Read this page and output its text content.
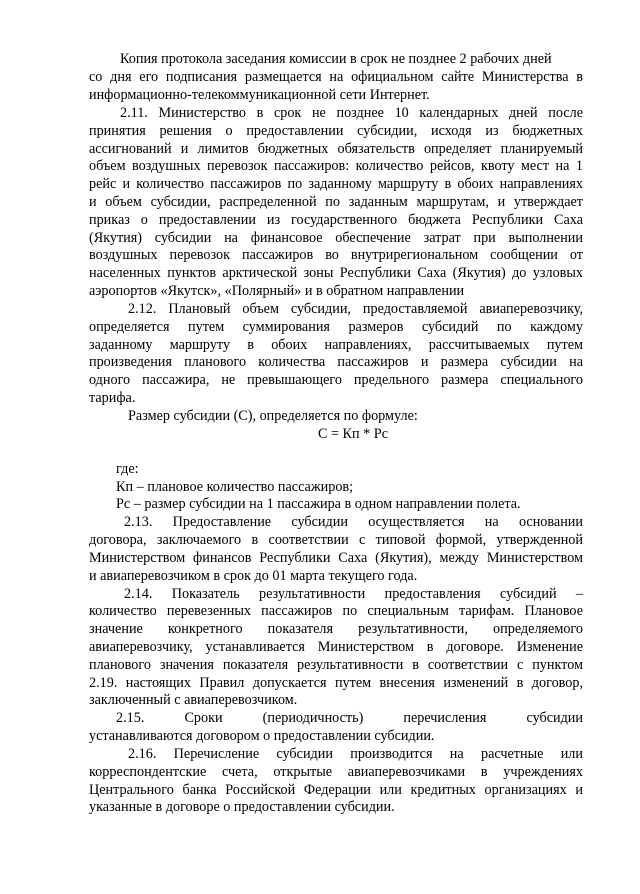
Копия протокола заседания комиссии в срок не позднее 2 рабочих дней
со дня его подписания размещается на официальном сайте Министерства в
информационно-телекоммуникационной сети Интернет.
2.11. Министерство в срок не позднее 10 календарных дней после
принятия решения о предоставлении субсидии, исходя из бюджетных
ассигнований и лимитов бюджетных обязательств определяет планируемый
объем воздушных перевозок пассажиров: количество рейсов, квоту мест на 1
рейс и количество пассажиров по заданному маршруту в обоих направлениях
и объем субсидии, распределенной по заданным маршрутам, и утверждает
приказ о предоставлении из государственного бюджета Республики Саха
(Якутия) субсидии на финансовое обеспечение затрат при выполнении
воздушных перевозок пассажиров во внутрирегиональном сообщении от
населенных пунктов арктической зоны Республики Саха (Якутия) до узловых
аэропортов «Якутск», «Полярный» и в обратном направлении
2.12. Плановый объем субсидии, предоставляемой авиаперевозчику,
определяется путем суммирования размеров субсидий по каждому
заданному маршруту в обоих направлениях, рассчитываемых путем
произведения планового количества пассажиров и размера субсидии на
одного пассажира, не превышающего предельного размера специального
тарифа.
Размер субсидии (С), определяется по формуле:
С = Кп * Рс
где:
Кп – плановое количество пассажиров;
Рс – размер субсидии на 1 пассажира в одном направлении полета.
2.13. Предоставление субсидии осуществляется на основании
договора, заключаемого в соответствии с типовой формой, утвержденной
Министерством финансов Республики Саха (Якутия), между Министерством
и авиаперевозчиком в срок до 01 марта текущего года.
2.14. Показатель результативности предоставления субсидий –
количество перевезенных пассажиров по специальным тарифам. Плановое
значение конкретного показателя результативности, определяемого
авиаперевозчику, устанавливается Министерством в договоре. Изменение
планового значения показателя результативности в соответствии с пунктом
2.19. настоящих Правил допускается путем внесения изменений в договор,
заключенный с авиаперевозчиком.
2.15. Сроки (периодичность) перечисления субсидии
устанавливаются договором о предоставлении субсидии.
2.16. Перечисление субсидии производится на расчетные или
корреспондентские счета, открытые авиаперевозчиками в учреждениях
Центрального банка Российской Федерации или кредитных организациях и
указанные в договоре о предоставлении субсидии.
